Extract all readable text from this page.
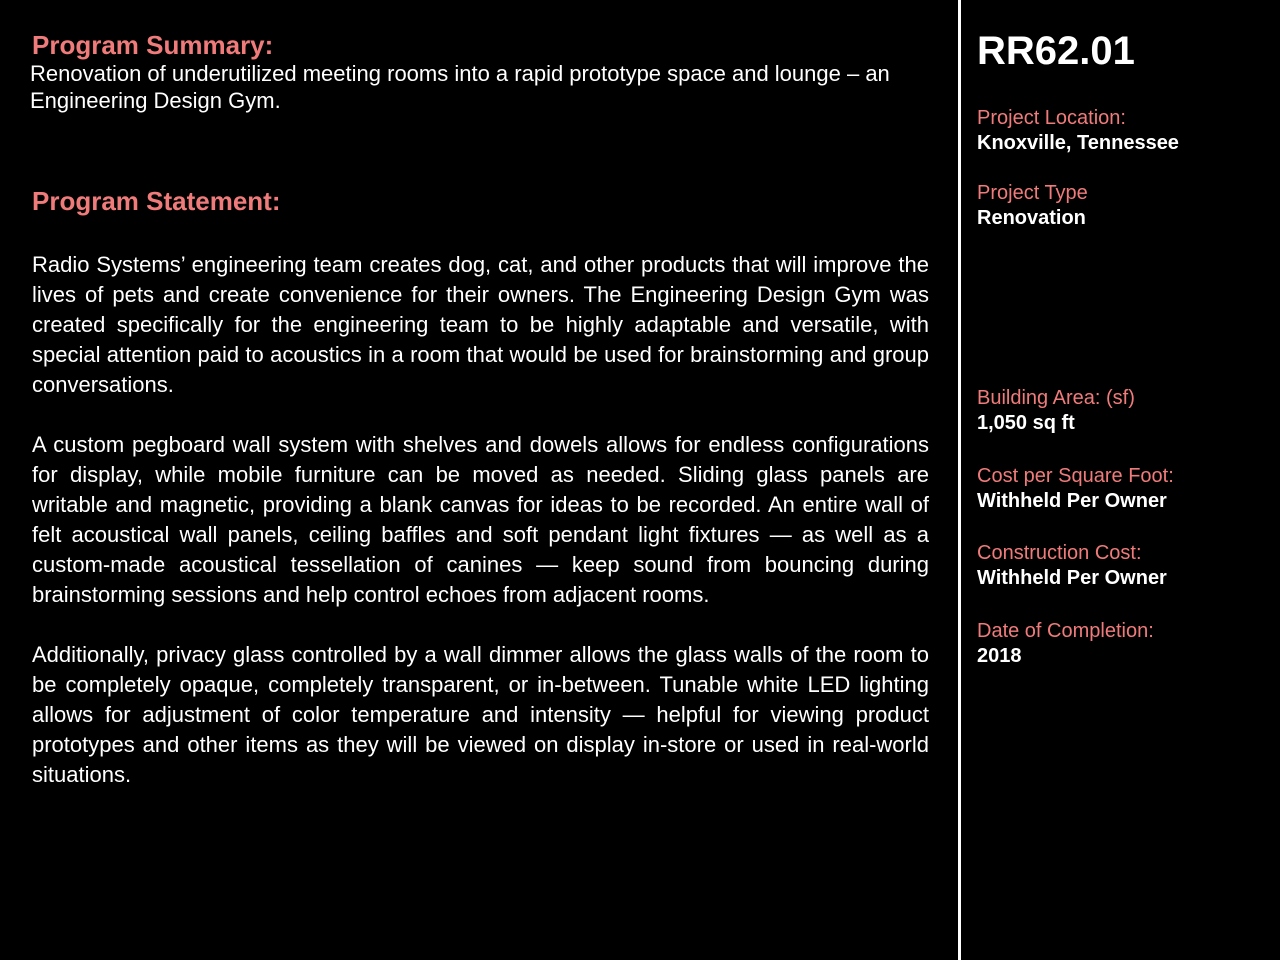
Program Summary:

Renovation of underutilized meeting rooms into a rapid prototype space and lounge – an Engineering Design Gym.

Program Statement:

Radio Systems’ engineering team creates dog, cat, and other products that will improve the lives of pets and create convenience for their owners. The Engineering Design Gym was created specifically for the engineering team to be highly adaptable and versatile, with special attention paid to acoustics in a room that would be used for brainstorming and group conversations.

A custom pegboard wall system with shelves and dowels allows for endless configurations for display, while mobile furniture can be moved as needed. Sliding glass panels are writable and magnetic, providing a blank canvas for ideas to be recorded. An entire wall of felt acoustical wall panels, ceiling baffles and soft pendant light fixtures — as well as a custom-made acoustical tessellation of canines — keep sound from bouncing during brainstorming sessions and help control echoes from adjacent rooms.

Additionally, privacy glass controlled by a wall dimmer allows the glass walls of the room to be completely opaque, completely transparent, or in-between. Tunable white LED lighting allows for adjustment of color temperature and intensity — helpful for viewing product prototypes and other items as they will be viewed on display in-store or used in real-world situations.

RR62.01
Project Location:
Knoxville, Tennessee
Project Type
Renovation
Building Area: (sf)
1,050 sq ft
Cost per Square Foot:
Withheld Per Owner
Construction Cost:
Withheld Per Owner
Date of Completion:
2018
